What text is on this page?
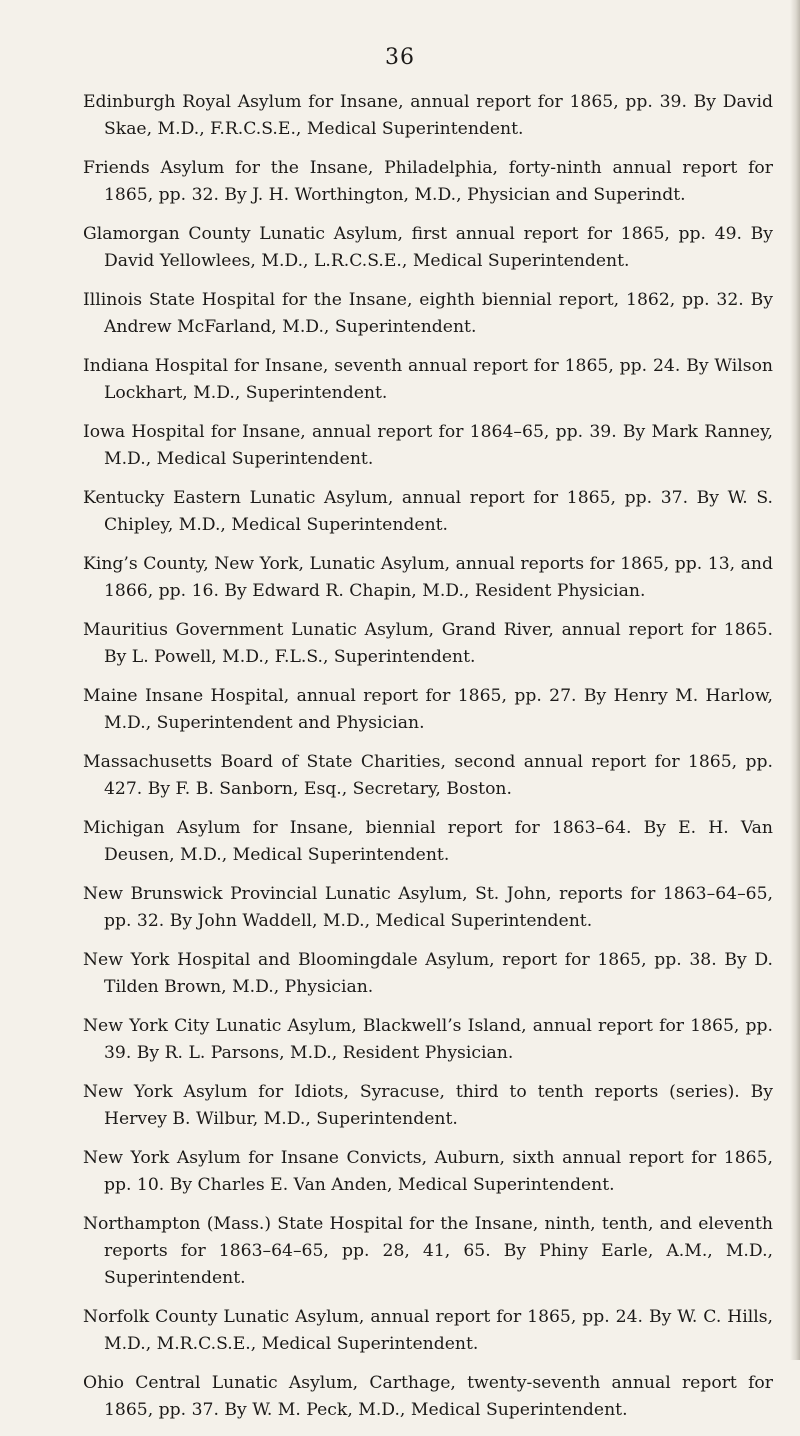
36

Edinburgh Royal Asylum for Insane, annual report for 1865, pp. 39. By David Skae, M.D., F.R.C.S.E., Medical Superintendent.

Friends Asylum for the Insane, Philadelphia, forty-ninth annual report for 1865, pp. 32. By J. H. Worthington, M.D., Physician and Superindt.

Glamorgan County Lunatic Asylum, first annual report for 1865, pp. 49. By David Yellowlees, M.D., L.R.C.S.E., Medical Superintendent.

Illinois State Hospital for the Insane, eighth biennial report, 1862, pp. 32. By Andrew McFarland, M.D., Superintendent.

Indiana Hospital for Insane, seventh annual report for 1865, pp. 24. By Wilson Lockhart, M.D., Superintendent.

Iowa Hospital for Insane, annual report for 1864–65, pp. 39. By Mark Ranney, M.D., Medical Superintendent.

Kentucky Eastern Lunatic Asylum, annual report for 1865, pp. 37. By W. S. Chipley, M.D., Medical Superintendent.

King’s County, New York, Lunatic Asylum, annual reports for 1865, pp. 13, and 1866, pp. 16. By Edward R. Chapin, M.D., Resident Physician.

Mauritius Government Lunatic Asylum, Grand River, annual report for 1865. By L. Powell, M.D., F.L.S., Superintendent.

Maine Insane Hospital, annual report for 1865, pp. 27. By Henry M. Harlow, M.D., Superintendent and Physician.

Massachusetts Board of State Charities, second annual report for 1865, pp. 427. By F. B. Sanborn, Esq., Secretary, Boston.

Michigan Asylum for Insane, biennial report for 1863–64. By E. H. Van Deusen, M.D., Medical Superintendent.

New Brunswick Provincial Lunatic Asylum, St. John, reports for 1863–64–65, pp. 32. By John Waddell, M.D., Medical Superintendent.

New York Hospital and Bloomingdale Asylum, report for 1865, pp. 38. By D. Tilden Brown, M.D., Physician.

New York City Lunatic Asylum, Blackwell’s Island, annual report for 1865, pp. 39. By R. L. Parsons, M.D., Resident Physician.

New York Asylum for Idiots, Syracuse, third to tenth reports (series). By Hervey B. Wilbur, M.D., Superintendent.

New York Asylum for Insane Convicts, Auburn, sixth annual report for 1865, pp. 10. By Charles E. Van Anden, Medical Superintendent.

Northampton (Mass.) State Hospital for the Insane, ninth, tenth, and eleventh reports for 1863–64–65, pp. 28, 41, 65. By Phiny Earle, A.M., M.D., Superintendent.

Norfolk County Lunatic Asylum, annual report for 1865, pp. 24. By W. C. Hills, M.D., M.R.C.S.E., Medical Superintendent.

Ohio Central Lunatic Asylum, Carthage, twenty-seventh annual report for 1865, pp. 37. By W. M. Peck, M.D., Medical Superintendent.
